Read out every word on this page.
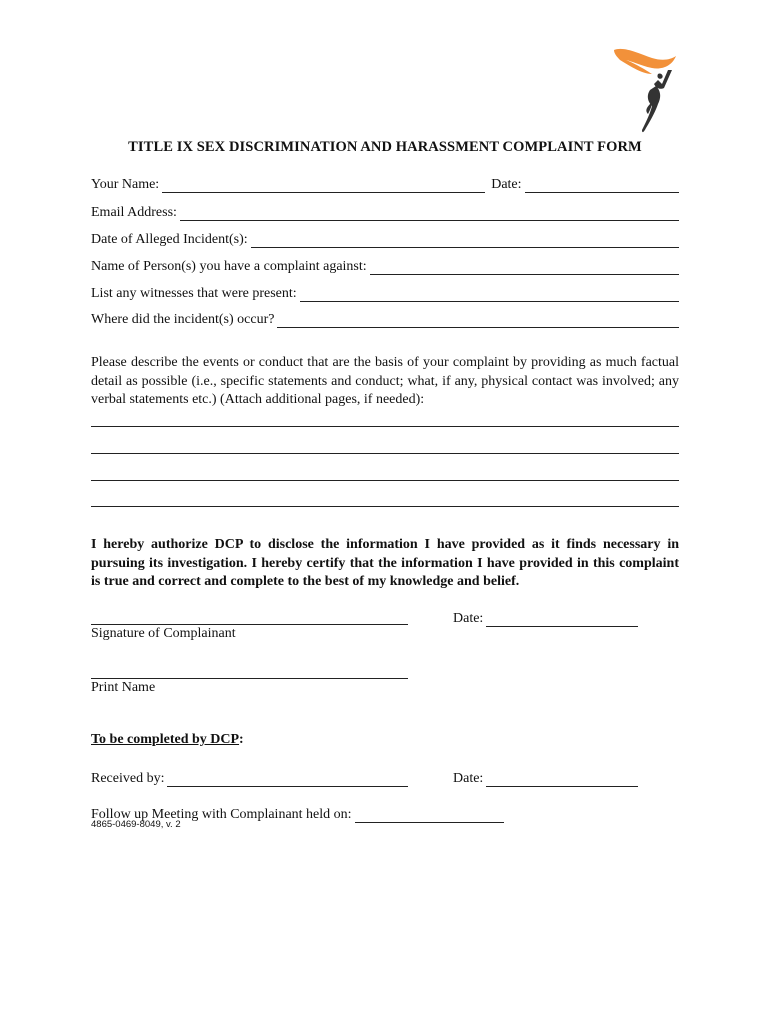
TITLE IX SEX DISCRIMINATION AND HARASSMENT COMPLAINT FORM
Your Name:	Date:
Email Address:
Date of Alleged Incident(s):
Name of Person(s) you have a complaint against:
List any witnesses that were present:
Where did the incident(s) occur?
Please describe the events or conduct that are the basis of your complaint by providing as much factual detail as possible (i.e., specific statements and conduct; what, if any, physical contact was involved; any verbal statements etc.) (Attach additional pages, if needed):
I hereby authorize DCP to disclose the information I have provided as it finds necessary in pursuing its investigation. I hereby certify that the information I have provided in this complaint is true and correct and complete to the best of my knowledge and belief.
Date:
Signature of Complainant
Print Name
To be completed by DCP:
Received by:	Date:
Follow up Meeting with Complainant held on:
4865-0469-8049, v. 2
